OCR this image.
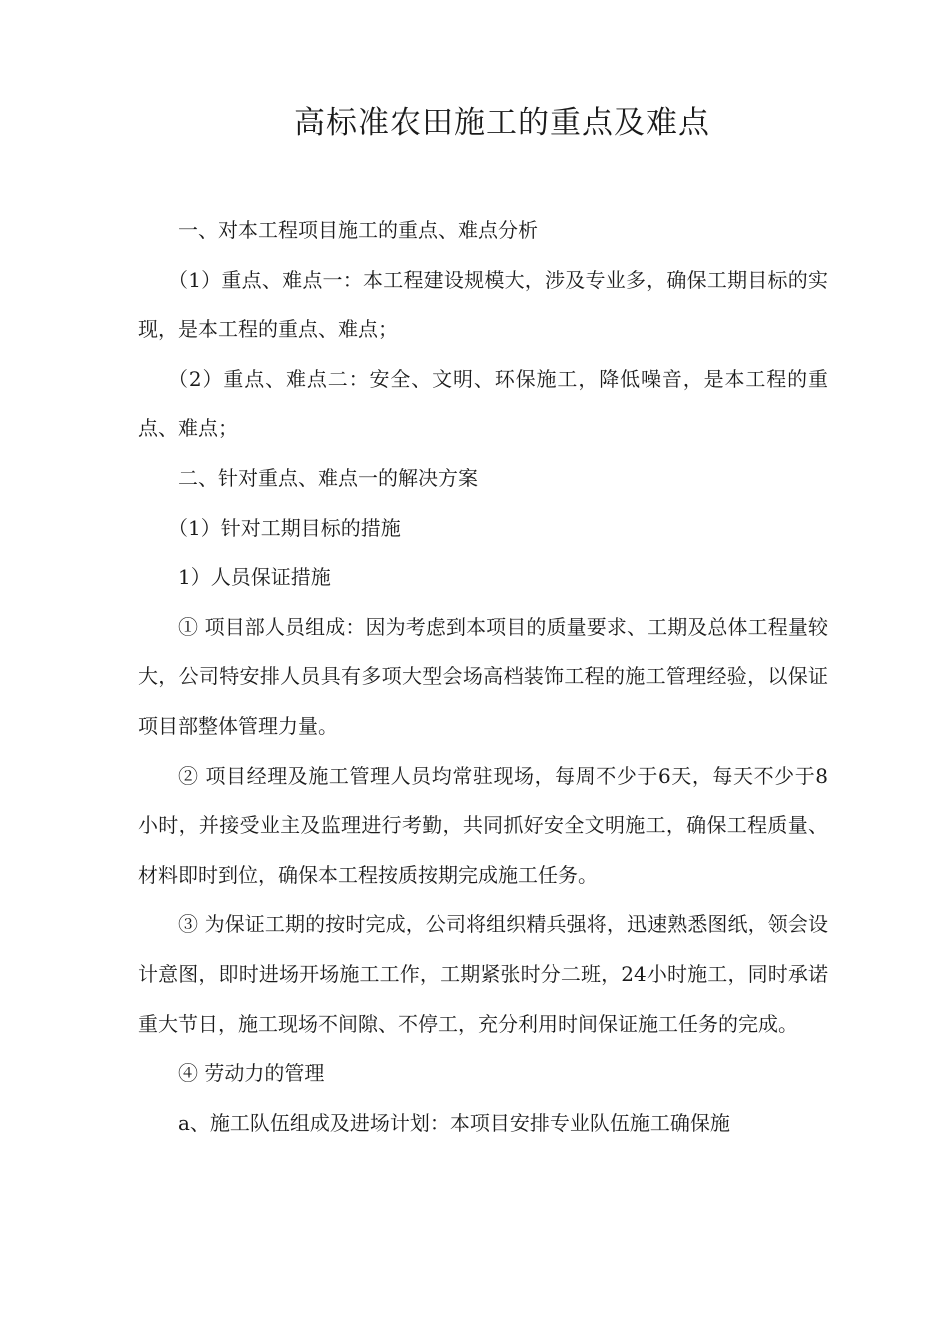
高标准农田施工的重点及难点

一、对本工程项目施工的重点、难点分析

（1）重点、难点一：本工程建设规模大，涉及专业多，确保工期目标的实现，是本工程的重点、难点；

（2）重点、难点二：安全、文明、环保施工，降低噪音，是本工程的重点、难点；

二、针对重点、难点一的解决方案

（1）针对工期目标的措施

1）人员保证措施

① 项目部人员组成：因为考虑到本项目的质量要求、工期及总体工程量较大，公司特安排人员具有多项大型会场高档装饰工程的施工管理经验，以保证项目部整体管理力量。

② 项目经理及施工管理人员均常驻现场，每周不少于6天，每天不少于8小时，并接受业主及监理进行考勤，共同抓好安全文明施工，确保工程质量、材料即时到位，确保本工程按质按期完成施工任务。

③ 为保证工期的按时完成，公司将组织精兵强将，迅速熟悉图纸，领会设计意图，即时进场开场施工工作，工期紧张时分二班，24小时施工，同时承诺重大节日，施工现场不间隙、不停工，充分利用时间保证施工任务的完成。

④ 劳动力的管理

a、施工队伍组成及进场计划：本项目安排专业队伍施工确保施
